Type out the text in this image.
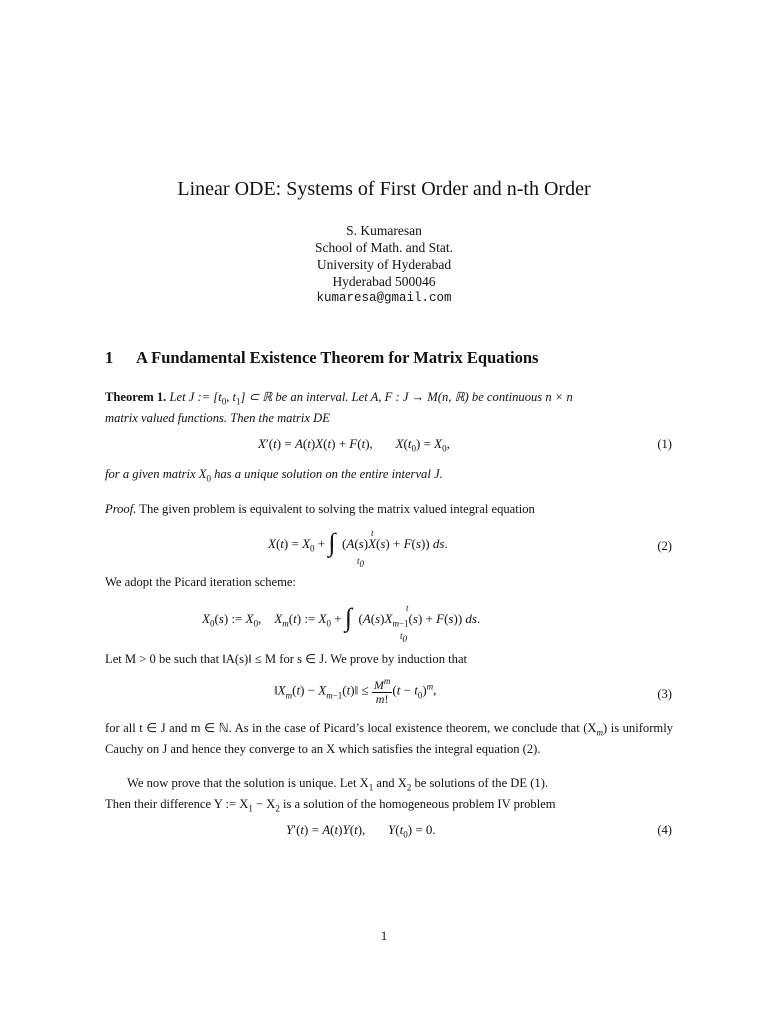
Linear ODE: Systems of First Order and n-th Order
S. Kumaresan
School of Math. and Stat.
University of Hyderabad
Hyderabad 500046
kumaresa@gmail.com
1 A Fundamental Existence Theorem for Matrix Equations
Theorem 1. Let J := [$t_0$, $t_1$] ⊂ ℝ be an interval. Let A, F : J → M(n, ℝ) be continuous n × n
matrix valued functions. Then the matrix DE
X′(t) = A(t)X(t) + F(t),       $X(t_0) = X_0$,	(1)
for a given matrix $X_0$ has a unique solution on the entire interval J.
Proof. The given problem is equivalent to solving the matrix valued integral equation
$X(t) = X_0$ + ∫  (A(s)X(s) + F(s)) ds.
t
$t_0$
(2)
We adopt the Picard iteration scheme:
$X_0(s)$ := $X_0$,    $X_m(t)$ := $X_0$ + ∫  $(A(s)X_{m-1}(s) + F(s))$ ds.
t
$t_0$
Let M > 0 be such that ‖A(s)‖ ≤ M for s ∈ J. We prove by induction that
$‖X_m(t)$ − $X_{m-1}(t)‖ \le \frac{M^m}{m!} (t - t_0)^m$,	(3)
for all t ∈ J and m ∈ ℕ. As in the case of Picard’s local existence theorem, we conclude that $(X_m)$ is uniformly Cauchy on J and hence they converge to an X which satisfies the integral equation (2).
We now prove that the solution is unique. Let $X_1$ and $X_2$ be solutions of the DE (1).
Then their difference Y := $X_1 - X_2$ is a solution of the homogeneous problem IV problem
Y′(t) = A(t)Y(t),       $Y(t_0) = 0$.	(4)
1
